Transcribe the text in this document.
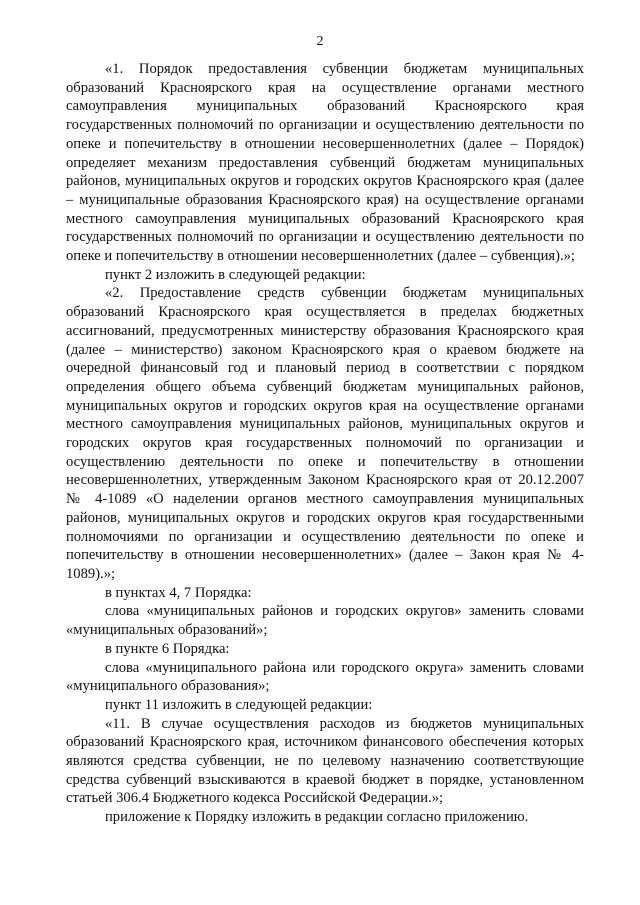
2

«1. Порядок предоставления субвенции бюджетам муниципальных образований Красноярского края на осуществление органами местного самоуправления муниципальных образований Красноярского края государственных полномочий по организации и осуществлению деятельности по опеке и попечительству в отношении несовершеннолетних (далее – Порядок) определяет механизм предоставления субвенций бюджетам муниципальных районов, муниципальных округов и городских округов Красноярского края (далее – муниципальные образования Красноярского края) на осуществление органами местного самоуправления муниципальных образований Красноярского края государственных полномочий по организации и осуществлению деятельности по опеке и попечительству в отношении несовершеннолетних (далее – субвенция).»;

пункт 2 изложить в следующей редакции:

«2. Предоставление средств субвенции бюджетам муниципальных образований Красноярского края осуществляется в пределах бюджетных ассигнований, предусмотренных министерству образования Красноярского края (далее – министерство) законом Красноярского края о краевом бюджете на очередной финансовый год и плановый период в соответствии с порядком определения общего объема субвенций бюджетам муниципальных районов, муниципальных округов и городских округов края на осуществление органами местного самоуправления муниципальных районов, муниципальных округов и городских округов края государственных полномочий по организации и осуществлению деятельности по опеке и попечительству в отношении несовершеннолетних, утвержденным Законом Красноярского края от 20.12.2007 № 4-1089 «О наделении органов местного самоуправления муниципальных районов, муниципальных округов и городских округов края государственными полномочиями по организации и осуществлению деятельности по опеке и попечительству в отношении несовершеннолетних» (далее – Закон края № 4-1089).»;

в пунктах 4, 7 Порядка:

слова «муниципальных районов и городских округов» заменить словами «муниципальных образований»;

в пункте 6 Порядка:

слова «муниципального района или городского округа» заменить словами «муниципального образования»;

пункт 11 изложить в следующей редакции:

«11. В случае осуществления расходов из бюджетов муниципальных образований Красноярского края, источником финансового обеспечения которых являются средства субвенции, не по целевому назначению соответствующие средства субвенций взыскиваются в краевой бюджет в порядке, установленном статьей 306.4 Бюджетного кодекса Российской Федерации.»;

приложение к Порядку изложить в редакции согласно приложению.
